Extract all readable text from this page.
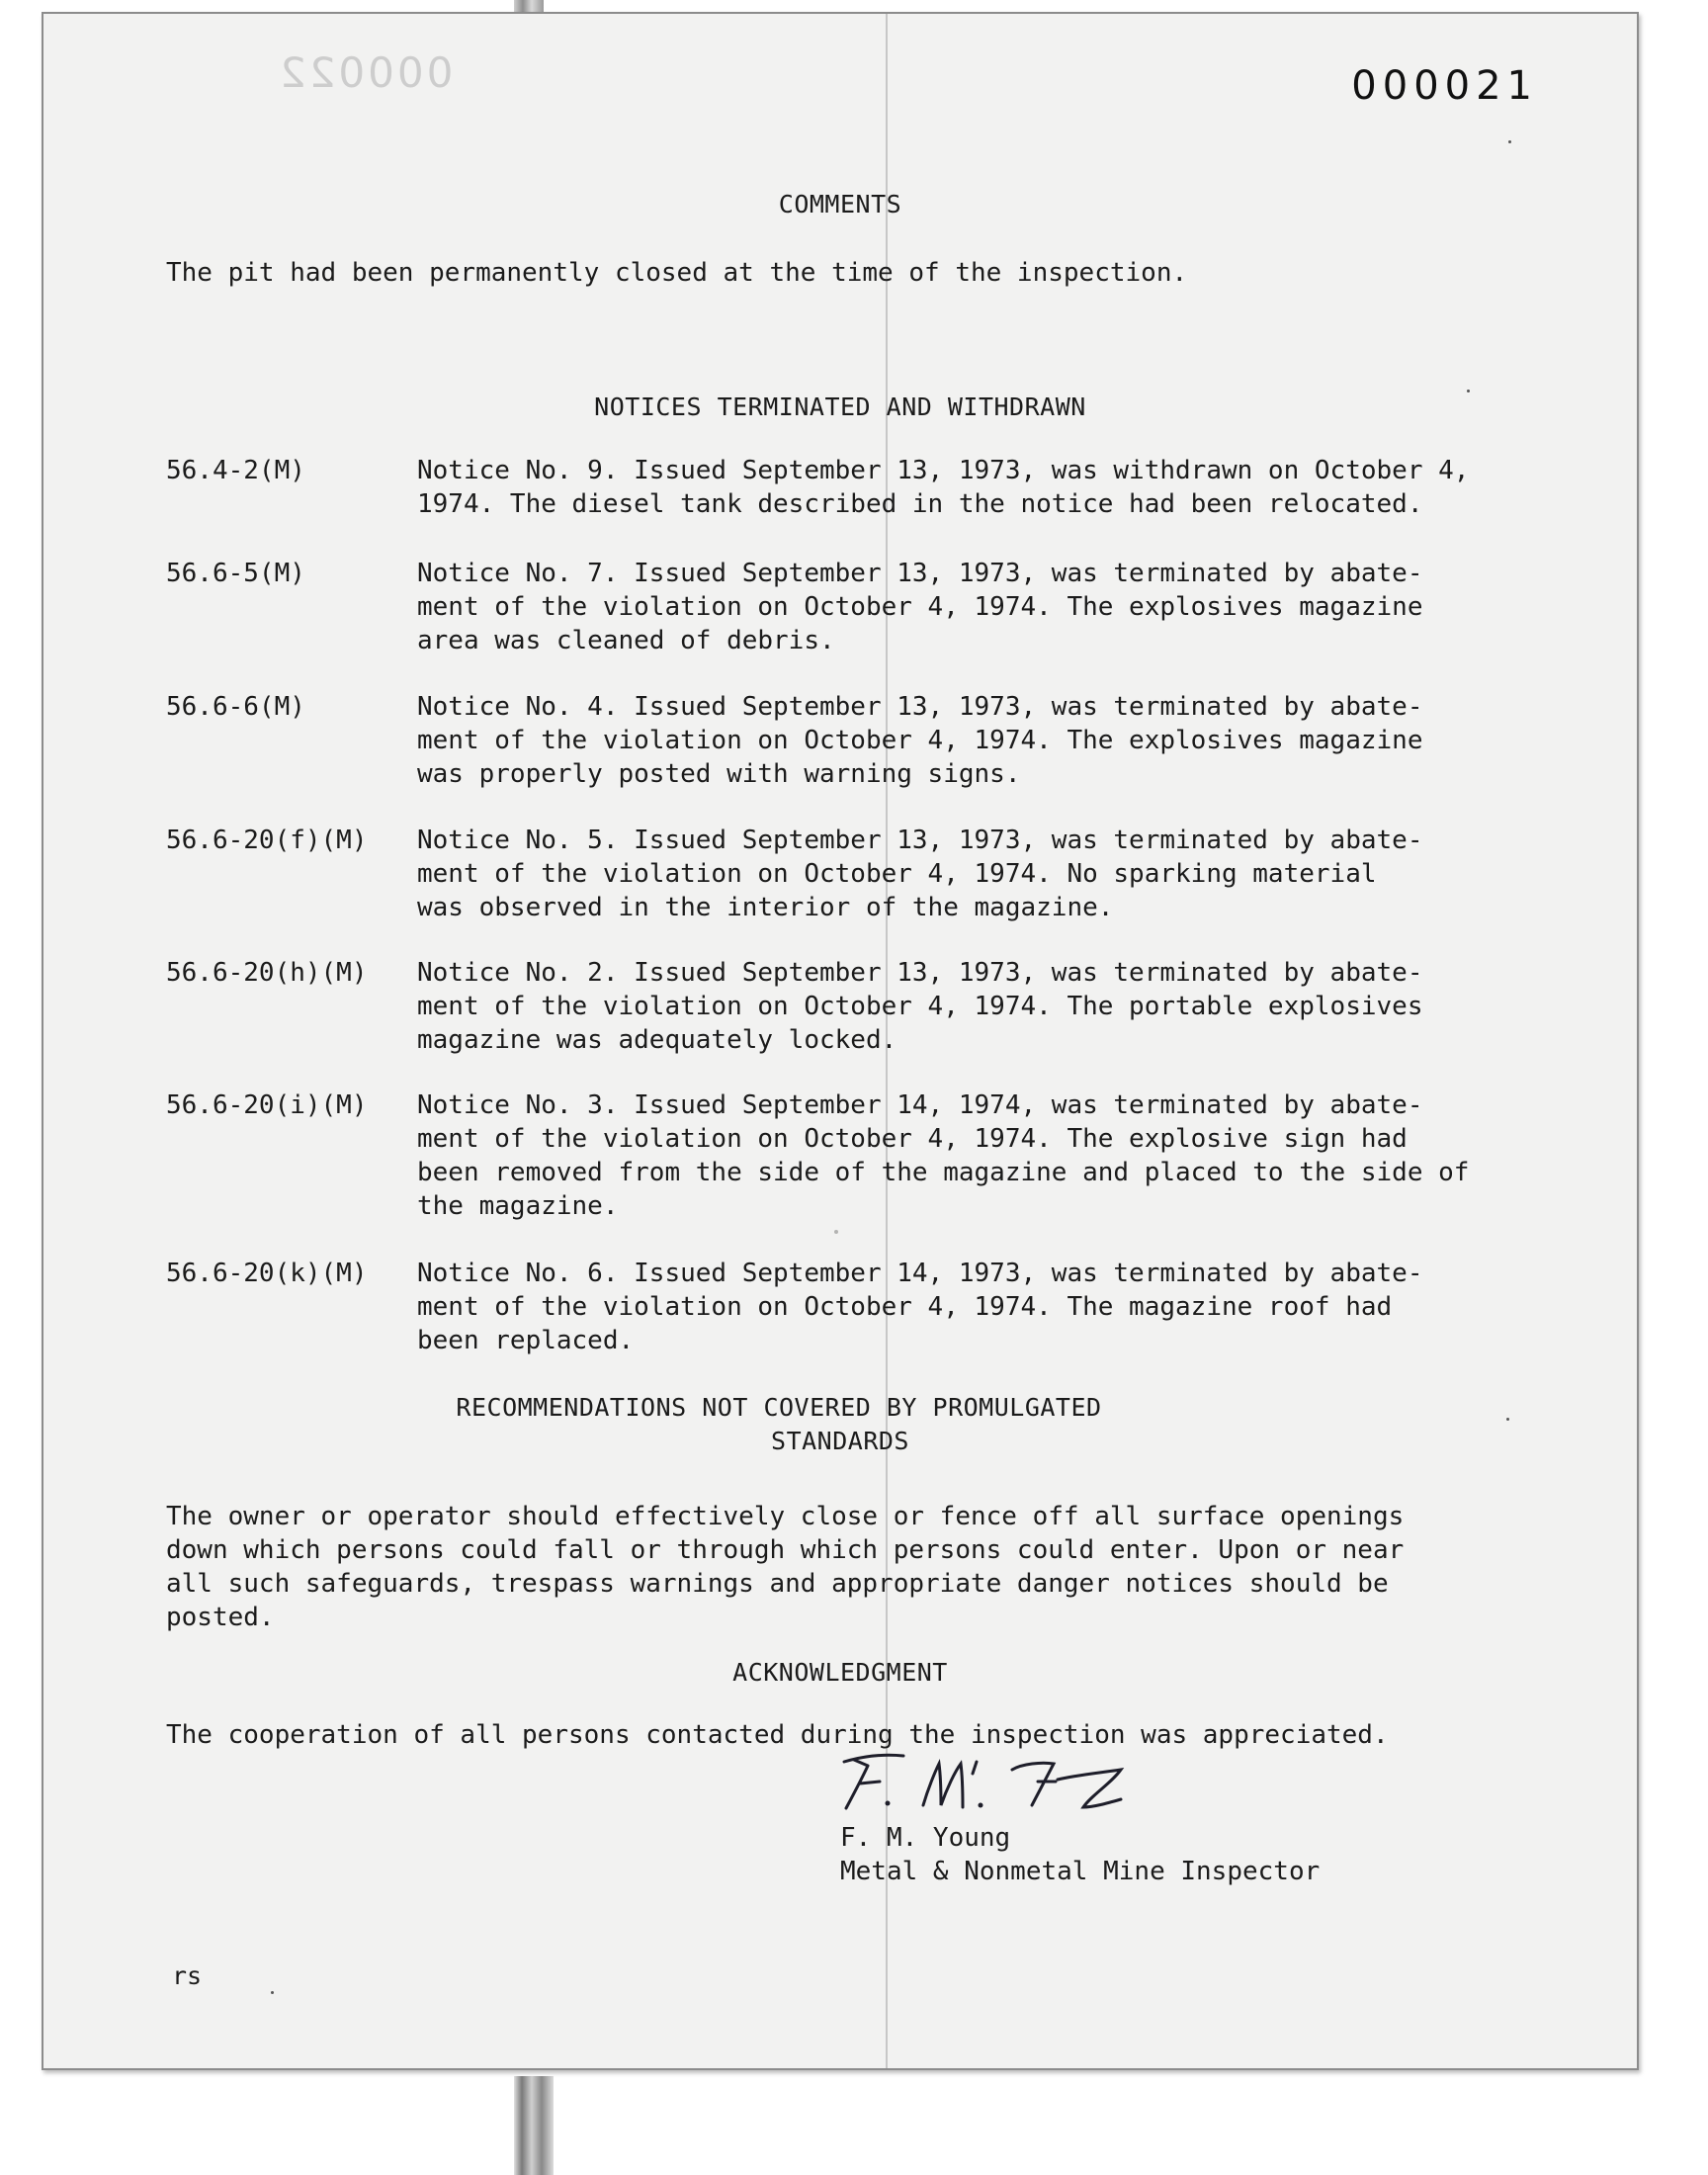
000022	000021
COMMENTS
The pit had been permanently closed at the time of the inspection.
NOTICES TERMINATED AND WITHDRAWN
56.4-2(M)	Notice No. 9. Issued September 13, 1973, was withdrawn on October 4,
1974. The diesel tank described in the notice had been relocated.
56.6-5(M)	Notice No. 7. Issued September 13, 1973, was terminated by abate-
ment of the violation on October 4, 1974. The explosives magazine
area was cleaned of debris.
56.6-6(M)	Notice No. 4. Issued September 13, 1973, was terminated by abate-
ment of the violation on October 4, 1974. The explosives magazine
was properly posted with warning signs.
56.6-20(f)(M) Notice No. 5. Issued September 13, 1973, was terminated by abate-
ment of the violation on October 4, 1974. No sparking material
was observed in the interior of the magazine.
56.6-20(h)(M) Notice No. 2. Issued September 13, 1973, was terminated by abate-
ment of the violation on October 4, 1974. The portable explosives
magazine was adequately locked.
56.6-20(i)(M) Notice No. 3. Issued September 14, 1974, was terminated by abate-
ment of the violation on October 4, 1974. The explosive sign had
been removed from the side of the magazine and placed to the side of
the magazine.
56.6-20(k)(M) Notice No. 6. Issued September 14, 1973, was terminated by abate-
ment of the violation on October 4, 1974. The magazine roof had
been replaced.
RECOMMENDATIONS NOT COVERED BY PROMULGATED
STANDARDS
The owner or operator should effectively close or fence off all surface openings
down which persons could fall or through which persons could enter. Upon or near
all such safeguards, trespass warnings and appropriate danger notices should be
posted.
ACKNOWLEDGMENT
The cooperation of all persons contacted during the inspection was appreciated.
F. M. Young
Metal & Nonmetal Mine Inspector
rs
